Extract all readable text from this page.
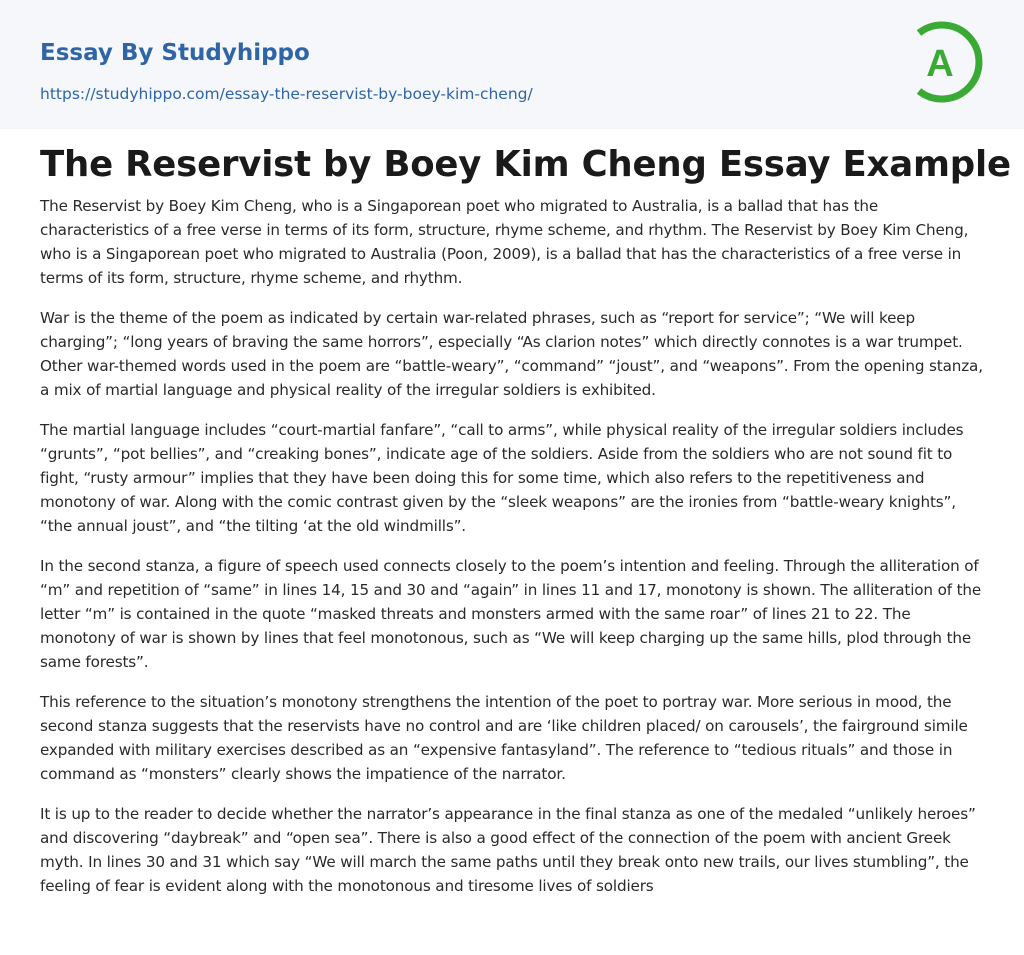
Essay By Studyhippo
https://studyhippo.com/essay-the-reservist-by-boey-kim-cheng/
A
The Reservist by Boey Kim Cheng Essay Example

The Reservist by Boey Kim Cheng, who is a Singaporean poet who migrated to Australia, is a ballad that has the characteristics of a free verse in terms of its form, structure, rhyme scheme, and rhythm. The Reservist by Boey Kim Cheng, who is a Singaporean poet who migrated to Australia (Poon, 2009), is a ballad that has the characteristics of a free verse in terms of its form, structure, rhyme scheme, and rhythm.

War is the theme of the poem as indicated by certain war-related phrases, such as “report for service”; “We will keep charging”; “long years of braving the same horrors”, especially “As clarion notes” which directly connotes is a war trumpet. Other war-themed words used in the poem are “battle-weary”, “command” “joust”, and “weapons”. From the opening stanza, a mix of martial language and physical reality of the irregular soldiers is exhibited.

The martial language includes “court-martial fanfare”, “call to arms”, while physical reality of the irregular soldiers includes “grunts”, “pot bellies”, and “creaking bones”, indicate age of the soldiers. Aside from the soldiers who are not sound fit to fight, “rusty armour” implies that they have been doing this for some time, which also refers to the repetitiveness and monotony of war. Along with the comic contrast given by the “sleek weapons” are the ironies from “battle-weary knights”, “the annual joust”, and “the tilting ‘at the old windmills”.

In the second stanza, a figure of speech used connects closely to the poem’s intention and feeling. Through the alliteration of “m” and repetition of “same” in lines 14, 15 and 30 and “again” in lines 11 and 17, monotony is shown. The alliteration of the letter “m” is contained in the quote “masked threats and monsters armed with the same roar” of lines 21 to 22. The monotony of war is shown by lines that feel monotonous, such as “We will keep charging up the same hills, plod through the same forests”.

This reference to the situation’s monotony strengthens the intention of the poet to portray war. More serious in mood, the second stanza suggests that the reservists have no control and are ‘like children placed/ on carousels’, the fairground simile expanded with military exercises described as an “expensive fantasyland”. The reference to “tedious rituals” and those in command as “monsters” clearly shows the impatience of the narrator.

It is up to the reader to decide whether the narrator’s appearance in the final stanza as one of the medaled “unlikely heroes” and discovering “daybreak” and “open sea”. There is also a good effect of the connection of the poem with ancient Greek myth. In lines 30 and 31 which say “We will march the same paths until they break onto new trails, our lives stumbling”, the feeling of fear is evident along with the monotonous and tiresome lives of soldiers
